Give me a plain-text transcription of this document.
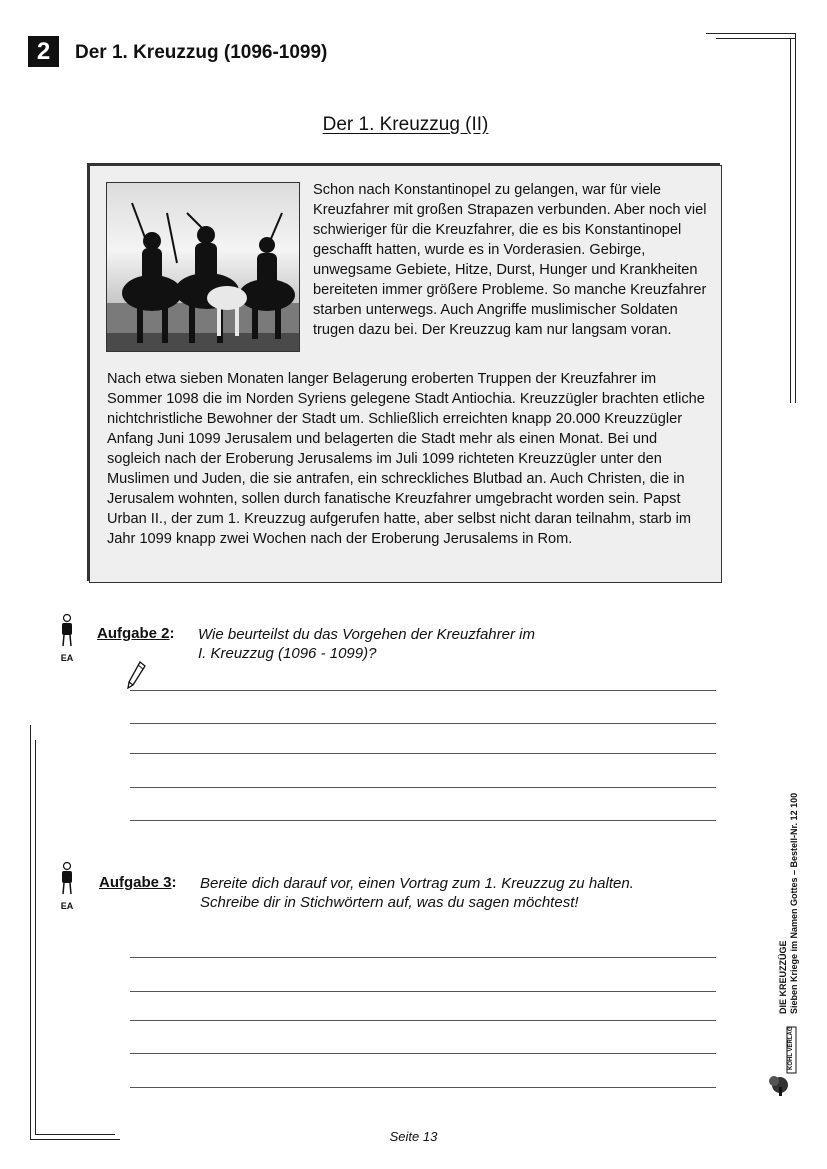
2	Der 1. Kreuzzug (1096-1099)
Der 1. Kreuzzug (II)

Schon nach Konstantinopel zu gelangen, war für viele Kreuzfahrer mit großen Strapazen verbunden. Aber noch viel schwieriger für die Kreuzfahrer, die es bis Konstantinopel geschafft hatten, wurde es in Vorderasien. Gebirge, unwegsame Gebiete, Hitze, Durst, Hunger und Krankheiten bereiteten immer größere Probleme. So manche Kreuzfahrer starben unterwegs. Auch Angriffe muslimischer Soldaten trugen dazu bei. Der Kreuzzug kam nur langsam voran.

Nach etwa sieben Monaten langer Belagerung eroberten Truppen der Kreuzfahrer im Sommer 1098 die im Norden Syriens gelegene Stadt Antiochia. Kreuzzügler brachten etliche nichtchristliche Bewohner der Stadt um. Schließlich erreichten knapp 20.000 Kreuzzügler Anfang Juni 1099 Jerusalem und belagerten die Stadt mehr als einen Monat. Bei und sogleich nach der Eroberung Jerusalems im Juli 1099 richteten Kreuzzügler unter den Muslimen und Juden, die sie antrafen, ein schreckliches Blutbad an. Auch Christen, die in Jerusalem wohnten, sollen durch fanatische Kreuzfahrer umgebracht worden sein. Papst Urban II., der zum 1. Kreuzzug aufgerufen hatte, aber selbst nicht daran teilnahm, starb im Jahr 1099 knapp zwei Wochen nach der Eroberung Jerusalems in Rom.

EA
Aufgabe 2: Wie beurteilst du das Vorgehen der Kreuzfahrer im
I. Kreuzzug (1096 - 1099)?
EA
Aufgabe 3: Bereite dich darauf vor, einen Vortrag zum 1. Kreuzzug zu halten.
Schreibe dir in Stichwörtern auf, was du sagen möchtest!
DIE KREUZZÜGE Sieben Kriege im Namen Gottes – Bestell-Nr. 12 100
KOHL VERLAG
Seite 13
